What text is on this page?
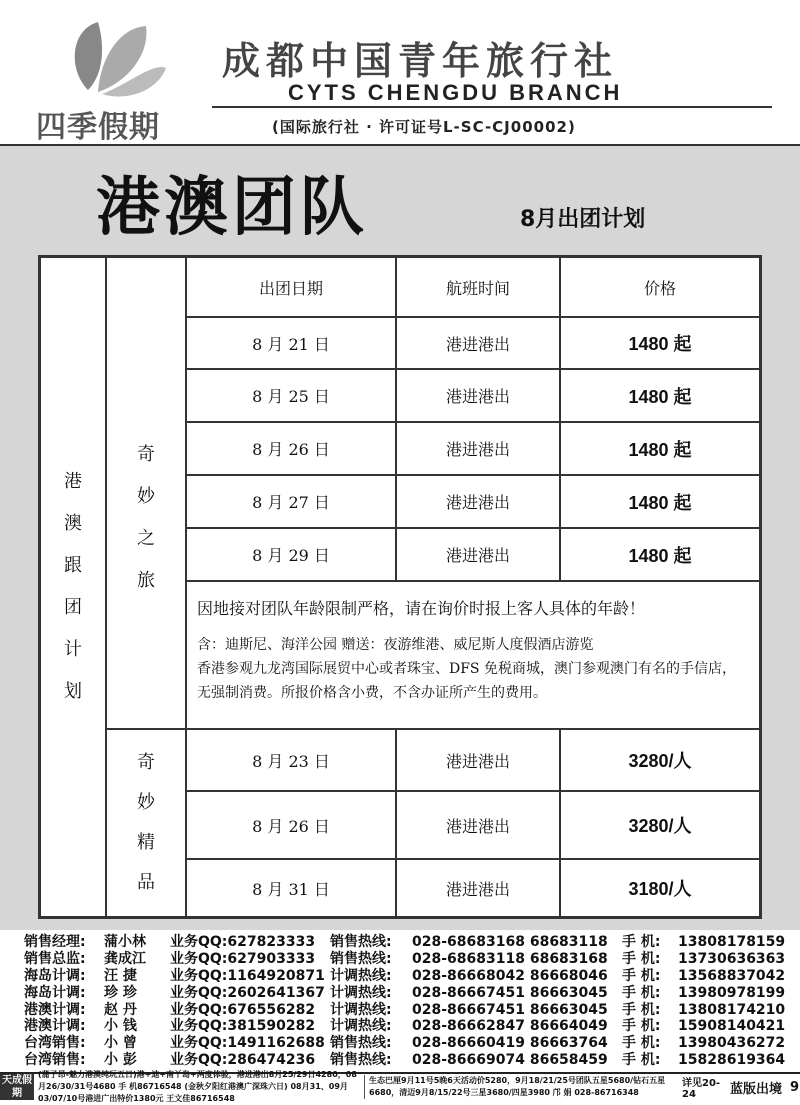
四季假期
成都中国青年旅行社
CYTS CHENGDU BRANCH
(国际旅行社 · 许可证号L-SC-CJ00002)
港澳团队	8月出团计划
港
澳
跟
团
计
划
奇
妙
之
旅
出团日期	航班时间	价格
8 月 21 日	港进港出	1480 起
8 月 25 日	港进港出	1480 起
8 月 26 日	港进港出	1480 起
8 月 27 日	港进港出	1480 起
8 月 29 日	港进港出	1480 起
因地接对团队年龄限制严格，请在询价时报上客人具体的年龄！
含：迪斯尼、海洋公园 赠送：夜游维港、威尼斯人度假酒店游览
香港参观九龙湾国际展贸中心或者珠宝、DFS 免税商城，澳门参观澳门有名的手信店，无强制消费。所报价格含小费，不含办证所产生的费用。
奇
妙
精
品
8 月 23 日	港进港出	3280/人
8 月 26 日	港进港出	3280/人
8 月 31 日	港进港出	3180/人
销售经理:	蒲小林	业务QQ:627823333	销售热线:	028-68683168 68683118	手 机:	13808178159
销售总监:	龚成江	业务QQ:627903333	销售热线:	028-68683118 68683168	手 机:	13730636363
海岛计调:	汪 捷	业务QQ:1164920871 计调热线:	028-86668042 86668046	手 机:	13568837042
海岛计调:	珍 珍	业务QQ:2602641367 计调热线:	028-86667451 86663045	手 机:	13980978199
港澳计调:	赵 丹	业务QQ:676556282	计调热线:	028-86667451 86663045	手 机:	13808174210
港澳计调:	小 钱	业务QQ:381590282	计调热线:	028-86662847 86664049	手 机:	15908140421
台湾销售:	小 曾	业务QQ:1491162688 销售热线:	028-86660419 86663764	手 机:	13980436272
台湾销售:	小 彭	业务QQ:286474236	销售热线:	028-86669074 86658459	手 机:	15828619364
天成假期
(蒲子昂-魅力港澳纯玩五日)港+迪+南丫岛+两度体验，港进港出8月25/29日4280，08月26/30/31号4680 手 机86716548 (金秋夕阳红港澳广深珠六日) 08月31、09月03/07/10号港进广出特价1380元 王文佳86716548
生态巴厘9月11号5晚6天活动价5280，9月18/21/25号团队五星5680/钻石五星6680，清迈9月8/15/22号三星3680/四星3980 邝 娟 028-86716348
详见20-24	蓝版出境 9
